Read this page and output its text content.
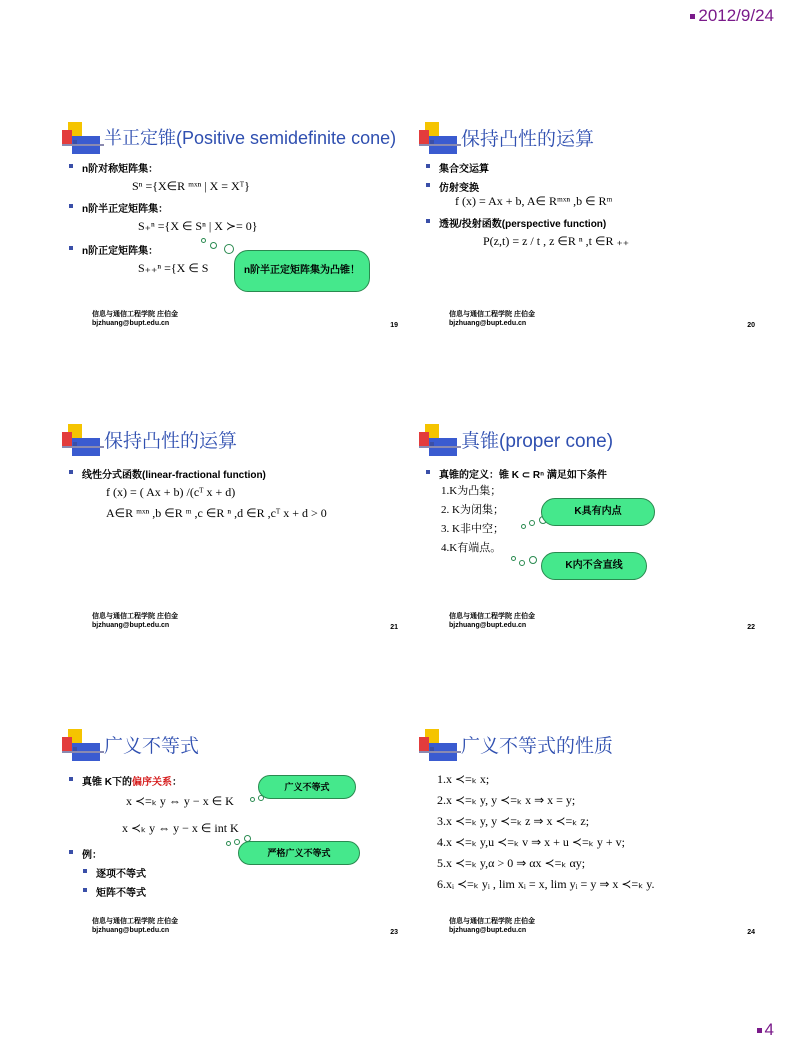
2012/9/24
半正定锥(Positive semidefinite cone)
n阶对称矩阵集：
Sⁿ ={X∈R ᵐˣⁿ | X = Xᵀ}
n阶半正定矩阵集：
S₊ⁿ ={X ∈ Sⁿ | X ≻= 0}
n阶正定矩阵集：
S₊₊ⁿ ={X ∈ S	n阶半正定矩阵集为凸锥！
信息与通信工程学院 庄伯金
bjzhuang@bupt.edu.cn	19
保持凸性的运算
集合交运算
仿射变换
f (x) = Ax + b, A∈ Rᵐˣⁿ ,b ∈ Rᵐ
透视/投射函数(perspective function)
P(z,t) = z / t , z ∈R ⁿ ,t ∈R ₊₊
信息与通信工程学院 庄伯金
bjzhuang@bupt.edu.cn	20
保持凸性的运算
线性分式函数(linear-fractional function)
f (x) = ( Ax + b) /(cᵀ x + d)
A∈R ᵐˣⁿ ,b ∈R ᵐ ,c ∈R ⁿ ,d ∈R ,cᵀ x + d > 0
信息与通信工程学院 庄伯金
bjzhuang@bupt.edu.cn	21
真锥(proper cone)
真锥的定义：锥 K ⊂ Rⁿ 满足如下条件
1.K为凸集；
2. K为闭集；
3. K非中空；
4.K有端点。
K具有内点
K内不含直线
信息与通信工程学院 庄伯金
bjzhuang@bupt.edu.cn	22
广义不等式
真锥 K下的偏序关系：
x ≺=ₖ y ⇔ y − x ∈ K
x ≺ₖ y ⇔ y − x ∈ int K
例：
逐项不等式
矩阵不等式
广义不等式
严格广义不等式
信息与通信工程学院 庄伯金
bjzhuang@bupt.edu.cn	23
广义不等式的性质
1.x ≺=ₖ x;
2.x ≺=ₖ y, y ≺=ₖ x ⇒ x = y;
3.x ≺=ₖ y, y ≺=ₖ z ⇒ x ≺=ₖ z;
4.x ≺=ₖ y,u ≺=ₖ v ⇒ x + u ≺=ₖ y + v;
5.x ≺=ₖ y,α > 0 ⇒ αx ≺=ₖ αy;
6.xᵢ ≺=ₖ yᵢ , lim xᵢ = x, lim yᵢ = y ⇒ x ≺=ₖ y.
信息与通信工程学院 庄伯金
bjzhuang@bupt.edu.cn	24
4
